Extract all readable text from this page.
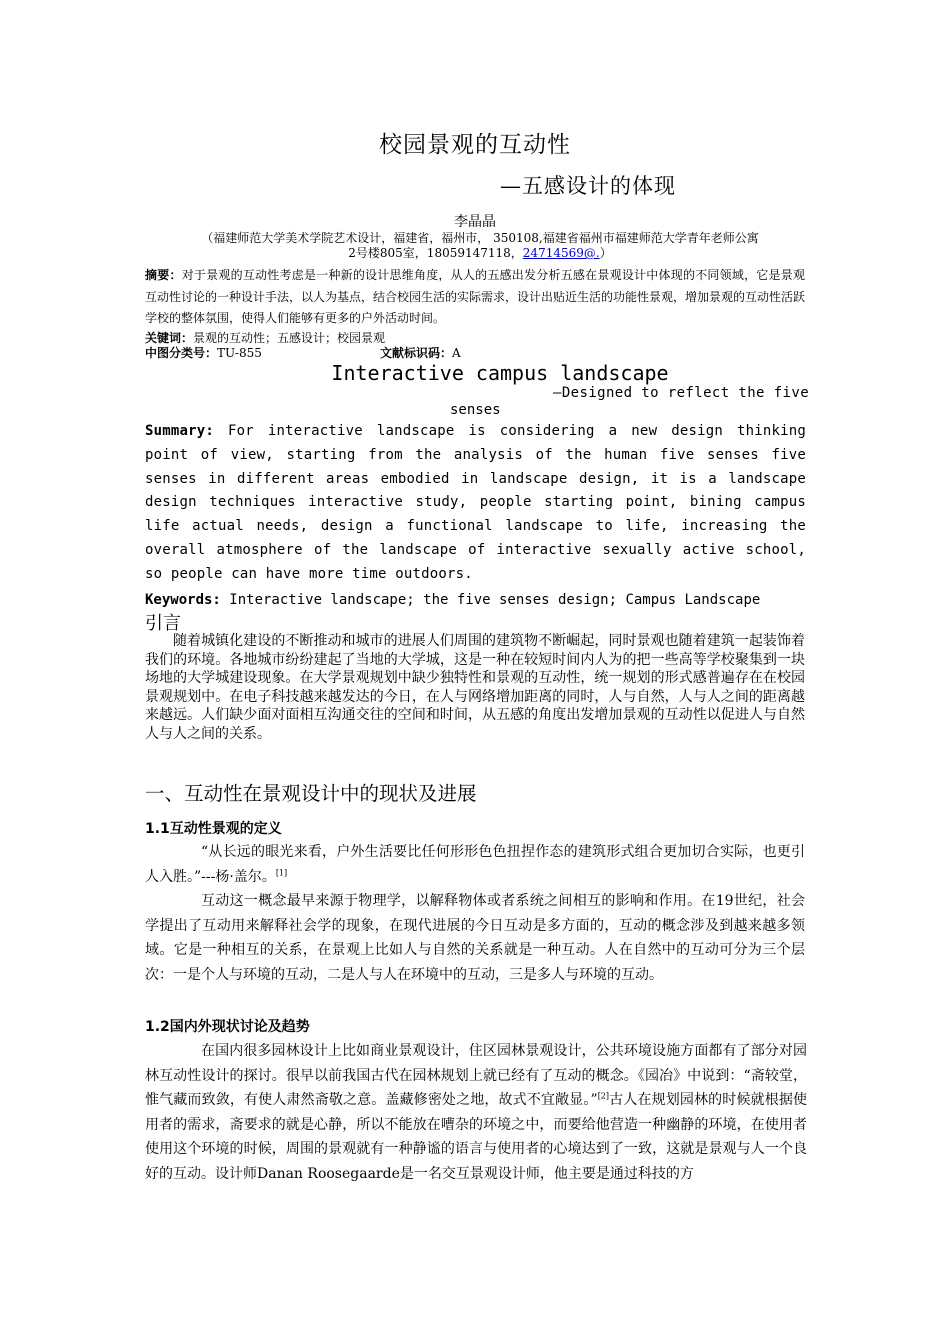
校园景观的互动性
—五感设计的体现
李晶晶
（福建师范大学美术学院艺术设计，福建省，福州市， 350108,福建省福州市福建师范大学青年老师公寓
2号楼805室，18059147118，24714569@.）
摘要：对于景观的互动性考虑是一种新的设计思维角度，从人的五感出发分析五感在景观设计中体现的不同领域，它是景观互动性讨论的一种设计手法，以人为基点，结合校园生活的实际需求，设计出贴近生活的功能性景观，增加景观的互动性活跃学校的整体氛围，使得人们能够有更多的户外活动时间。
关键词：景观的互动性；五感设计；校园景观
中图分类号：TU-855	文献标识码：A
Interactive campus landscape
—Designed to reflect the five
senses
Summary: For interactive landscape is considering a new design thinking point of view, starting from the analysis of the human five senses five senses in different areas embodied in landscape design, it is a landscape design techniques interactive study, people starting point, bining campus life actual needs, design a functional landscape to life, increasing the overall atmosphere of the landscape of interactive sexually active school, so people can have more time outdoors.
Keywords: Interactive landscape; the five senses design; Campus Landscape
引言
随着城镇化建设的不断推动和城市的进展人们周围的建筑物不断崛起，同时景观也随着建筑一起装饰着我们的环境。各地城市纷纷建起了当地的大学城，这是一种在较短时间内人为的把一些高等学校聚集到一块场地的大学城建设现象。在大学景观规划中缺少独特性和景观的互动性，统一规划的形式感普遍存在在校园景观规划中。在电子科技越来越发达的今日，在人与网络增加距离的同时，人与自然，人与人之间的距离越来越远。人们缺少面对面相互沟通交往的空间和时间，从五感的角度出发增加景观的互动性以促进人与自然人与人之间的关系。
一、互动性在景观设计中的现状及进展
1.1互动性景观的定义
“从长远的眼光来看，户外生活要比任何形形色色扭捏作态的建筑形式组合更加切合实际，也更引人入胜。”---杨·盖尔。[1]
互动这一概念最早来源于物理学，以解释物体或者系统之间相互的影响和作用。在19世纪，社会学提出了互动用来解释社会学的现象，在现代进展的今日互动是多方面的，互动的概念涉及到越来越多领域。它是一种相互的关系，在景观上比如人与自然的关系就是一种互动。人在自然中的互动可分为三个层次：一是个人与环境的互动，二是人与人在环境中的互动，三是多人与环境的互动。
1.2国内外现状讨论及趋势
在国内很多园林设计上比如商业景观设计，住区园林景观设计，公共环境设施方面都有了部分对园林互动性设计的探讨。很早以前我国古代在园林规划上就已经有了互动的概念。《园冶》中说到：“斋较堂，惟气藏而致敛，有使人肃然斋敬之意。盖藏修密处之地，故式不宜敞显。”[2]古人在规划园林的时候就根据使用者的需求，斋要求的就是心静，所以不能放在嘈杂的环境之中，而要给他营造一种幽静的环境，在使用者使用这个环境的时候，周围的景观就有一种静谧的语言与使用者的心境达到了一致，这就是景观与人一个良好的互动。设计师Danan Roosegaarde是一名交互景观设计师，他主要是通过科技的方
